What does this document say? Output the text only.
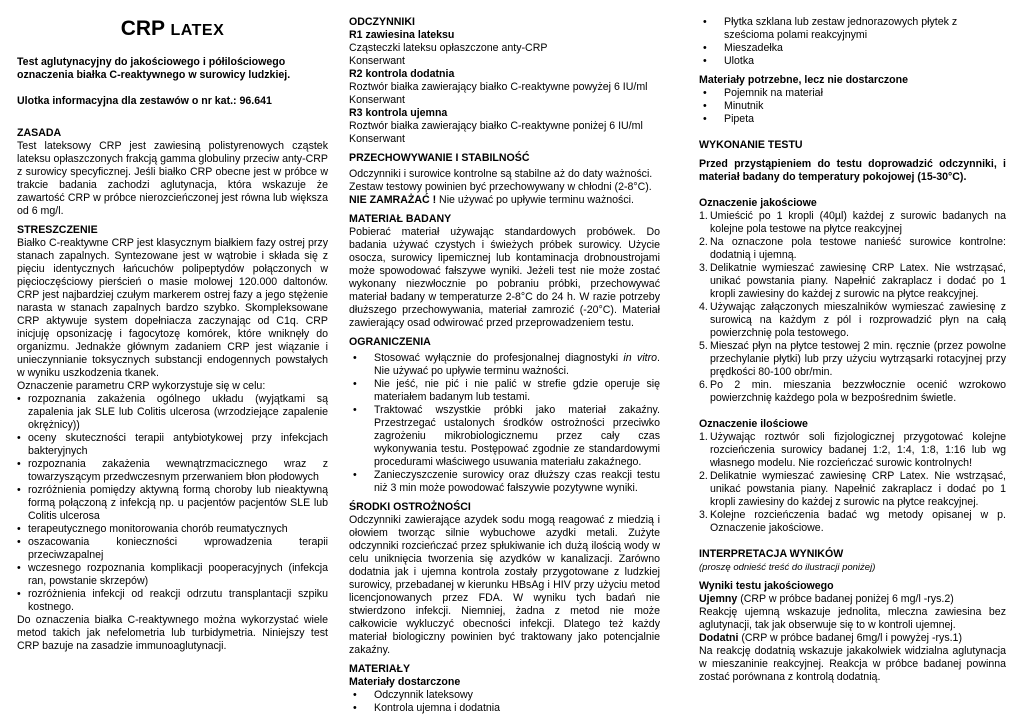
CRP LATEX
Test aglutynacyjny do jakościowego i półilościowego oznaczenia białka C-reaktywnego w surowicy ludzkiej.
Ulotka informacyjna dla zestawów o nr kat.: 96.641
ZASADA
Test lateksowy CRP jest zawiesiną polistyrenowych cząstek lateksu opłaszczonych frakcją gamma globuliny przeciw anty-CRP z surowicy specyficznej. Jeśli białko CRP obecne jest w próbce w trakcie badania zachodzi aglutynacja, która wskazuje że zawartość CRP w próbce nierozcieńczonej jest równa lub większa od 6 mg/l.
STRESZCZENIE
Białko C-reaktywne CRP jest klasycznym białkiem fazy ostrej przy stanach zapalnych. Syntezowane jest w wątrobie i składa się z pięciu identycznych łańcuchów polipeptydów połączonych w pięcioczęściowy pierścień o masie molowej 120.000 daltonów. CRP jest najbardziej czułym markerem ostrej fazy a jego stężenie narasta w stanach zapalnych bardzo szybko. Skompleksowane CRP aktywuje system dopełniacza zaczynając od C1q. CRP inicjuję opsonizację i fagocytozę komórek, które wniknęły do organizmu. Jednakże głównym zadaniem CRP jest wiązanie i unieczynnianie toksycznych substancji endogennych powstałych w wyniku uszkodzenia tkanek.
Oznaczenie parametru CRP wykorzystuje się w celu:
• rozpoznania zakażenia ogólnego układu (wyjątkami są zapalenia jak SLE lub Colitis ulcerosa (wrzodziejące zapalenie okrężnicy))
• oceny skuteczności terapii antybiotykowej przy infekcjach bakteryjnych
• rozpoznania zakażenia wewnątrzmacicznego wraz z towarzyszącym przedwczesnym przerwaniem błon płodowych
• rozróżnienia pomiędzy aktywną formą choroby lub nieaktywną formą połączoną z infekcją np. u pacjentów pacjentów SLE lub Colitis ulcerosa
• terapeutycznego monitorowania chorób reumatycznych
• oszacowania konieczności wprowadzenia terapii przeciwzapalnej
• wczesnego rozpoznania komplikacji pooperacyjnych (infekcja ran, powstanie skrzepów)
• rozróżnienia infekcji od reakcji odrzutu transplantacji szpiku kostnego.
Do oznaczenia białka C-reaktywnego można wykorzystać wiele metod takich jak nefelometria lub turbidymetria. Niniejszy test CRP bazuje na zasadzie immunoaglutynacji.
ODCZYNNIKI
R1 zawiesina lateksu
Cząsteczki lateksu opłaszczone anty-CRP
Konserwant
R2 kontrola dodatnia
Roztwór białka zawierający białko C-reaktywne powyżej 6 IU/ml
Konserwant
R3 kontrola ujemna
Roztwór białka zawierający białko C-reaktywne poniżej 6 IU/ml
Konserwant
PRZECHOWYWANIE I STABILNOŚĆ
Odczynniki i surowice kontrolne są stabilne aż do daty ważności.
Zestaw testowy powinien być przechowywany w chłodni (2-8°C).
NIE ZAMRAŻAĆ ! Nie używać po upływie terminu ważności.
MATERIAŁ BADANY
Pobierać materiał używając standardowych probówek. Do badania używać czystych i świeżych próbek surowicy. Użycie osocza, surowicy lipemicznej lub kontaminacja drobnoustrojami może spowodować fałszywe wyniki. Jeżeli test nie może zostać wykonany niezwłocznie po pobraniu próbki, przechowywać materiał badany w temperaturze 2-8°C do 24 h. W razie potrzeby dłuższego przechowywania, materiał zamrozić (-20°C). Materiał zawierający osad odwirować przed przeprowadzeniem testu.
OGRANICZENIA
• Stosować wyłącznie do profesjonalnej diagnostyki in vitro. Nie używać po upływie terminu ważności.
• Nie jeść, nie pić i nie palić w strefie gdzie operuje się materiałem badanym lub testami.
• Traktować wszystkie próbki jako materiał zakaźny. Przestrzegać ustalonych środków ostrożności przeciwko zagrożeniu mikrobiologicznemu przez cały czas wykonywania testu. Postępować zgodnie ze standardowymi procedurami właściwego usuwania materiału zakaźnego.
• Zanieczyszczenie surowicy oraz dłuższy czas reakcji testu niż 3 min może powodować fałszywie pozytywne wyniki.
ŚRODKI OSTROŻNOŚCI
Odczynniki zawierające azydek sodu mogą reagować z miedzią i ołowiem tworząc silnie wybuchowe azydki metali. Zużyte odczynniki rozcieńczać przez spłukiwanie ich dużą ilością wody w celu uniknięcia tworzenia się azydków w kanalizacji. Zarówno dodatnia jak i ujemna kontrola zostały przygotowane z ludzkiej surowicy, przebadanej w kierunku HBsAg i HIV przy użyciu metod licencjonowanych przez FDA. W wyniku tych badań nie stwierdzono infekcji. Niemniej, żadna z metod nie może całkowicie wykluczyć obecności infekcji. Dlatego też każdy materiał biologiczny powinien być traktowany jako potencjalnie zakaźny.
MATERIAŁY
Materiały dostarczone
• Odczynnik lateksowy
• Kontrola ujemna i dodatnia
• Płytka szklana lub zestaw jednorazowych płytek z sześcioma polami reakcyjnymi
• Mieszadełka
• Ulotka
Materiały potrzebne, lecz nie dostarczone
• Pojemnik na materiał
• Minutnik
• Pipeta
WYKONANIE TESTU
Przed przystąpieniem do testu doprowadzić odczynniki, i materiał badany do temperatury pokojowej (15-30°C).
Oznaczenie jakościowe
1. Umieścić po 1 kropli (40µl) każdej z surowic badanych na kolejne pola testowe na płytce reakcyjnej
2. Na oznaczone pola testowe nanieść surowice kontrolne: dodatnią i ujemną.
3. Delikatnie wymieszać zawiesinę CRP Latex. Nie wstrząsać, unikać powstania piany. Napełnić zakraplacz i dodać po 1 kropli zawiesiny do każdej z surowic na płytce reakcyjnej.
4. Używając załączonych mieszalników wymieszać zawiesinę z surowicą na każdym z pól i rozprowadzić płyn na całą powierzchnię pola testowego.
5. Mieszać płyn na płytce testowej 2 min. ręcznie (przez powolne przechylanie płytki) lub przy użyciu wytrząsarki rotacyjnej przy prędkości 80-100 obr/min.
6. Po 2 min. mieszania bezzwłocznie ocenić wzrokowo powierzchnię każdego pola w bezpośrednim świetle.
Oznaczenie ilościowe
1. Używając roztwór soli fizjologicznej przygotować kolejne rozcieńczenia surowicy badanej 1:2, 1:4, 1:8, 1:16 lub wg własnego modelu. Nie rozcieńczać surowic kontrolnych!
2. Delikatnie wymieszać zawiesinę CRP Latex. Nie wstrząsać, unikać powstania piany. Napełnić zakraplacz i dodać po 1 kropli zawiesiny do każdej z surowic na płytce reakcyjnej.
3. Kolejne rozcieńczenia badać wg metody opisanej w p. Oznaczenie jakościowe.
INTERPRETACJA WYNIKÓW
(proszę odnieść treść do ilustracji poniżej)
Wyniki testu jakościowego
Ujemny (CRP w próbce badanej poniżej 6 mg/l -rys.2)
Reakcję ujemną wskazuje jednolita, mleczna zawiesina bez aglutynacji, tak jak obserwuje się to w kontroli ujemnej.
Dodatni (CRP w próbce badanej 6mg/l i powyżej -rys.1)
Na reakcję dodatnią wskazuje jakakolwiek widzialna aglutynacja w mieszaninie reakcyjnej. Reakcja w próbce badanej powinna zostać porównana z kontrolą dodatnią.
